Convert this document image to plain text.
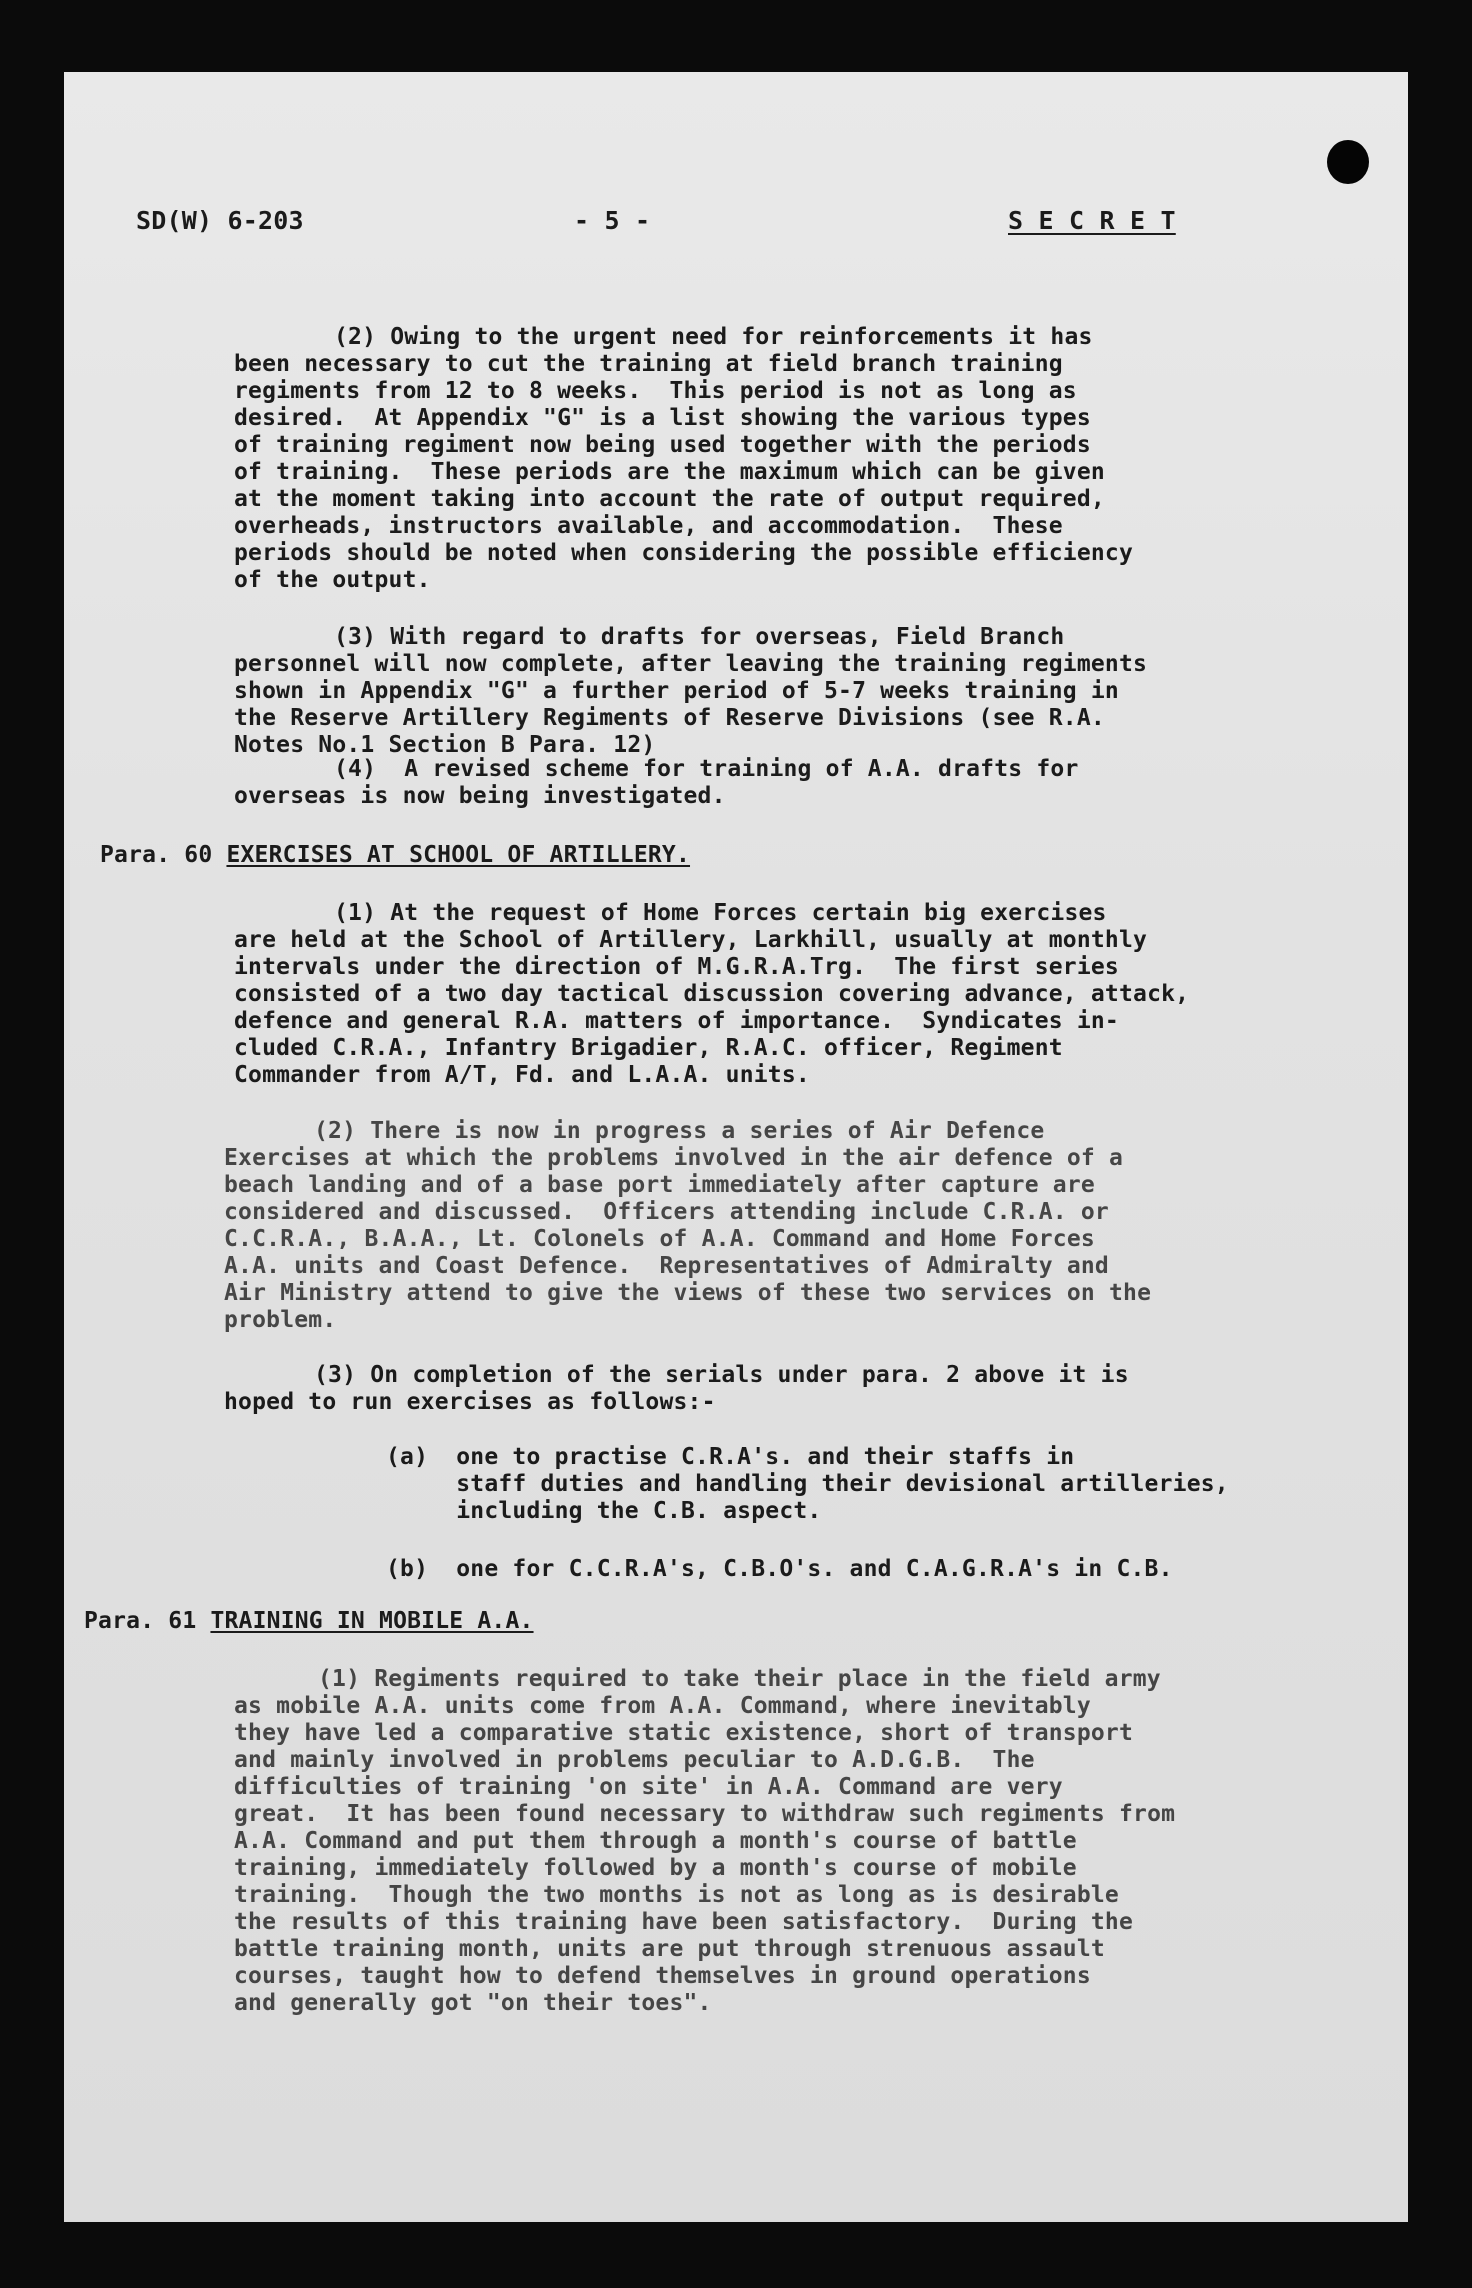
SD(W) 6-203	- 5 -	S E C R E T
(2) Owing to the urgent need for reinforcements it has
been necessary to cut the training at field branch training
regiments from 12 to 8 weeks.  This period is not as long as
desired.  At Appendix "G" is a list showing the various types
of training regiment now being used together with the periods
of training.  These periods are the maximum which can be given
at the moment taking into account the rate of output required,
overheads, instructors available, and accommodation.  These
periods should be noted when considering the possible efficiency
of the output.
(3) With regard to drafts for overseas, Field Branch
personnel will now complete, after leaving the training regiments
shown in Appendix "G" a further period of 5-7 weeks training in
the Reserve Artillery Regiments of Reserve Divisions (see R.A.
Notes No.1 Section B Para. 12)
(4)  A revised scheme for training of A.A. drafts for
overseas is now being investigated.
Para. 60 EXERCISES AT SCHOOL OF ARTILLERY.
(1) At the request of Home Forces certain big exercises
are held at the School of Artillery, Larkhill, usually at monthly
intervals under the direction of M.G.R.A.Trg.  The first series
consisted of a two day tactical discussion covering advance, attack,
defence and general R.A. matters of importance.  Syndicates in-
cluded C.R.A., Infantry Brigadier, R.A.C. officer, Regiment
Commander from A/T, Fd. and L.A.A. units.
(2) There is now in progress a series of Air Defence
Exercises at which the problems involved in the air defence of a
beach landing and of a base port immediately after capture are
considered and discussed.  Officers attending include C.R.A. or
C.C.R.A., B.A.A., Lt. Colonels of A.A. Command and Home Forces
A.A. units and Coast Defence.  Representatives of Admiralty and
Air Ministry attend to give the views of these two services on the
problem.
(3) On completion of the serials under para. 2 above it is
hoped to run exercises as follows:-
(a)  one to practise C.R.A's. and their staffs in
staff duties and handling their devisional artilleries,
including the C.B. aspect.
(b)  one for C.C.R.A's, C.B.O's. and C.A.G.R.A's in C.B.
Para. 61 TRAINING IN MOBILE A.A.
(1) Regiments required to take their place in the field army
as mobile A.A. units come from A.A. Command, where inevitably
they have led a comparative static existence, short of transport
and mainly involved in problems peculiar to A.D.G.B.  The
difficulties of training 'on site' in A.A. Command are very
great.  It has been found necessary to withdraw such regiments from
A.A. Command and put them through a month's course of battle
training, immediately followed by a month's course of mobile
training.  Though the two months is not as long as is desirable
the results of this training have been satisfactory.  During the
battle training month, units are put through strenuous assault
courses, taught how to defend themselves in ground operations
and generally got "on their toes".
